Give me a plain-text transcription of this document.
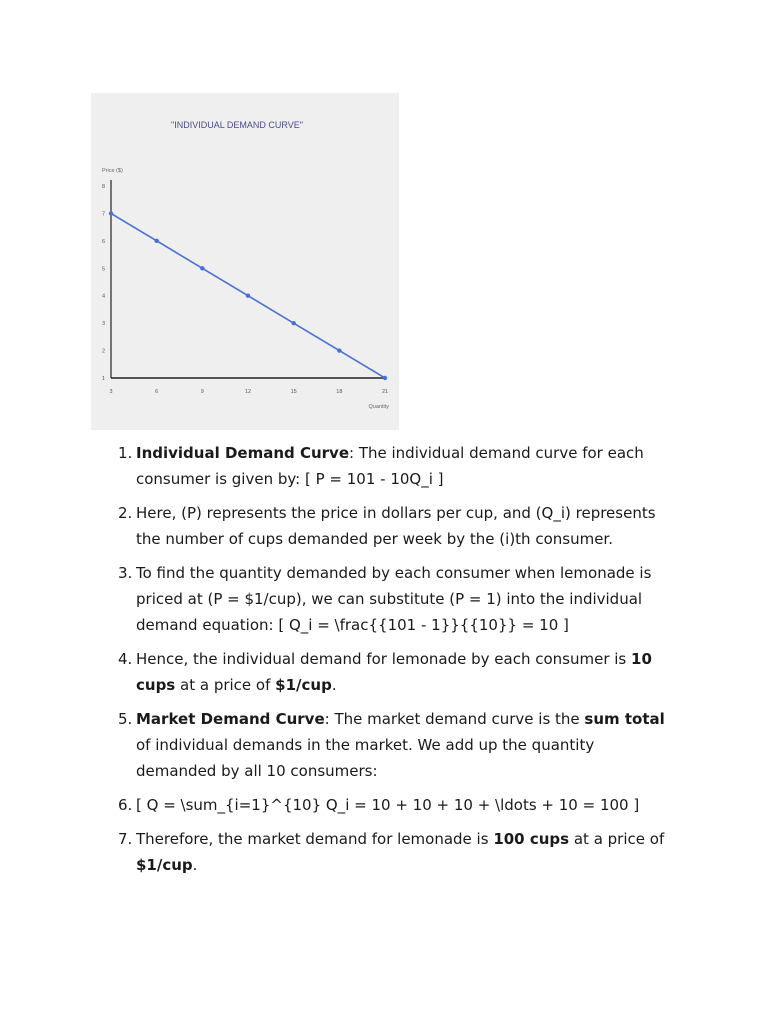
"INDIVIDUAL DEMAND CURVE"
Price ($)
Quantity
1
2
3
4
5
6
7
8
3	6	9	12	15	18	21
1. Individual Demand Curve: The individual demand curve for each consumer is given by: [ P = 101 - 10Q_i ]
2. Here, (P) represents the price in dollars per cup, and (Q_i) represents the number of cups demanded per week by the (i)th consumer.
3. To find the quantity demanded by each consumer when lemonade is priced at (P = $1/cup), we can substitute (P = 1) into the individual demand equation: [ Q_i = \frac{{101 - 1}}{{10}} = 10 ]
4. Hence, the individual demand for lemonade by each consumer is 10 cups at a price of $1/cup.
5. Market Demand Curve: The market demand curve is the sum total of individual demands in the market. We add up the quantity demanded by all 10 consumers:
6. [ Q = \sum_{i=1}^{10} Q_i = 10 + 10 + 10 + \ldots + 10 = 100 ]
7. Therefore, the market demand for lemonade is 100 cups at a price of $1/cup.
